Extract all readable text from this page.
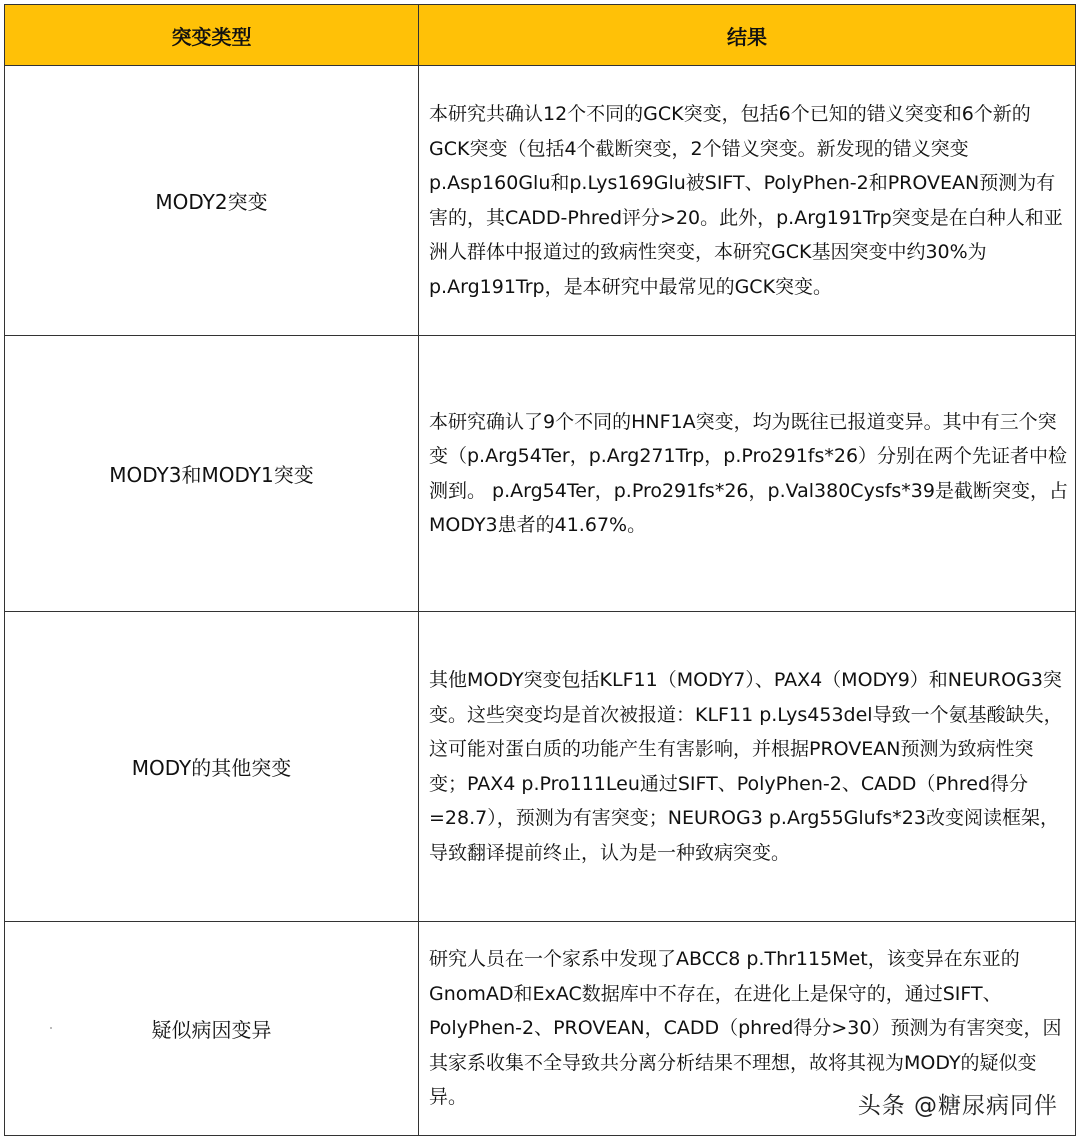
突变类型	结果
MODY2突变	本研究共确认12个不同的GCK突变，包括6个已知的错义突变和6个新的GCK突变（包括4个截断突变，2个错义突变。新发现的错义突变p.Asp160Glu和p.Lys169Glu被SIFT、PolyPhen-2和PROVEAN预测为有害的，其CADD-Phred评分>20。此外，p.Arg191Trp突变是在白种人和亚洲人群体中报道过的致病性突变，本研究GCK基因突变中约30%为p.Arg191Trp，是本研究中最常见的GCK突变。

MODY3和MODY1突变	本研究确认了9个不同的HNF1A突变，均为既往已报道变异。其中有三个突变（p.Arg54Ter，p.Arg271Trp，p.Pro291fs*26）分别在两个先证者中检测到。 p.Arg54Ter，p.Pro291fs*26，p.Val380Cysfs*39是截断突变，占MODY3患者的41.67%。

MODY的其他突变	其他MODY突变包括KLF11（MODY7）、PAX4（MODY9）和NEUROG3突变。这些突变均是首次被报道：KLF11 p.Lys453del导致一个氨基酸缺失，这可能对蛋白质的功能产生有害影响，并根据PROVEAN预测为致病性突变；PAX4 p.Pro111Leu通过SIFT、PolyPhen-2、CADD（Phred得分=28.7），预测为有害突变；NEUROG3 p.Arg55Glufs*23改变阅读框架，导致翻译提前终止，认为是一种致病突变。

疑似病因变异	研究人员在一个家系中发现了ABCC8 p.Thr115Met，该变异在东亚的GnomAD和ExAC数据库中不存在，在进化上是保守的，通过SIFT、PolyPhen-2、PROVEAN，CADD（phred得分>30）预测为有害突变，因其家系收集不全导致共分离分析结果不理想，故将其视为MODY的疑似变异。	头条 @糖尿病同伴
